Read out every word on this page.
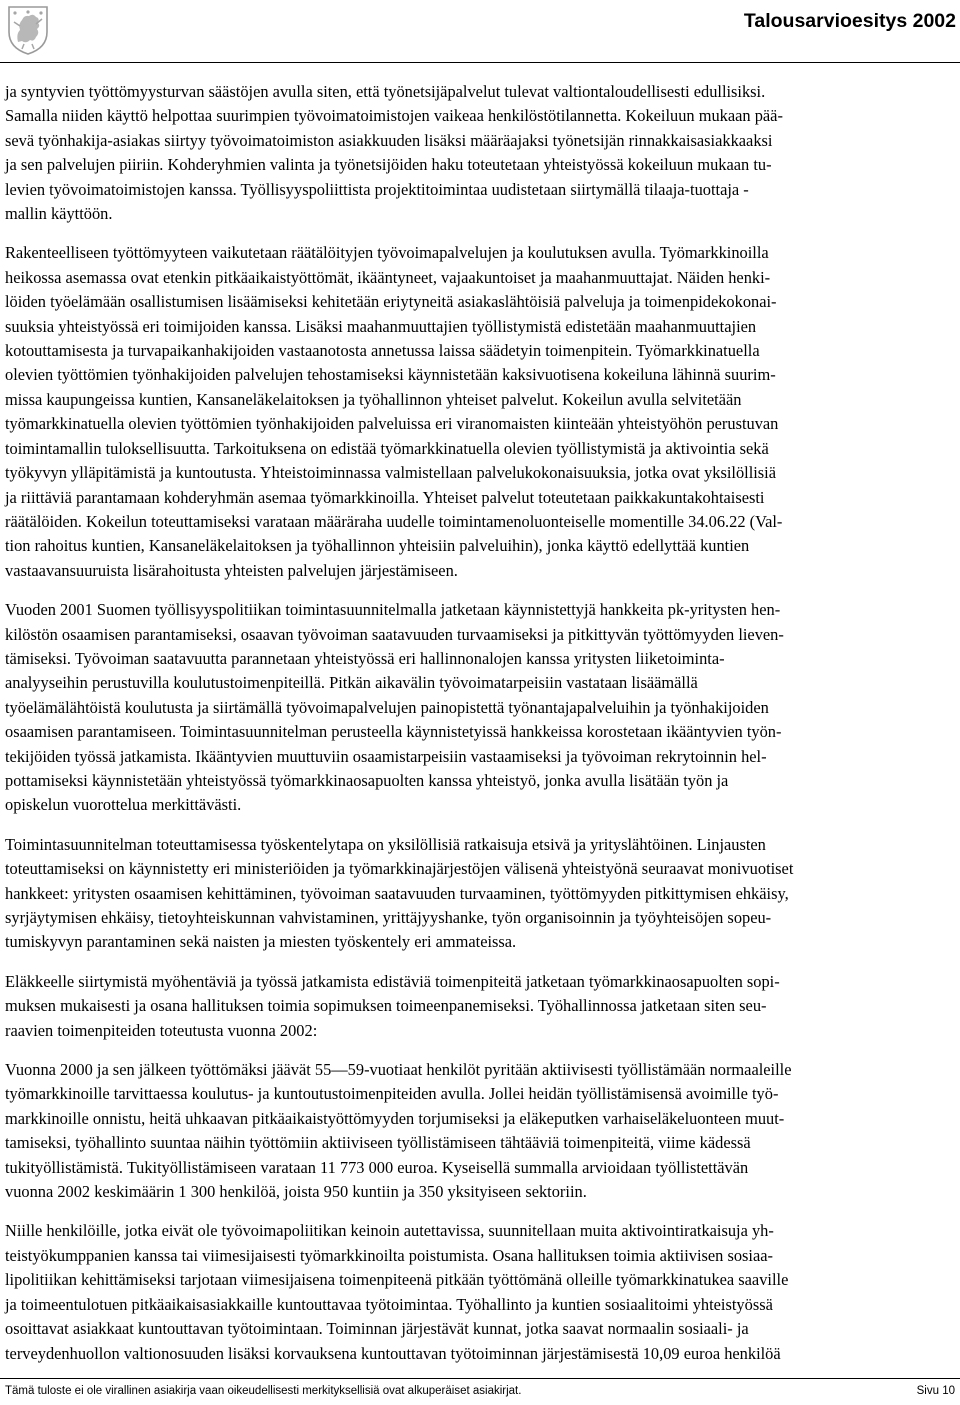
Talousarvioesitys 2002

ja syntyvien työttömyysturvan säästöjen avulla siten, että työnetsijäpalvelut tulevat valtiontaloudellisesti edullisiksi.
Samalla niiden käyttö helpottaa suurimpien työvoimatoimistojen vaikeaa henkilöstötilannetta. Kokeiluun mukaan pää-
sevä työnhakija-asiakas siirtyy työvoimatoimiston asiakkuuden lisäksi määräajaksi työnetsijän rinnakkaisasiakkaaksi
ja sen palvelujen piiriin. Kohderyhmien valinta ja työnetsijöiden haku toteutetaan yhteistyössä kokeiluun mukaan tu-
levien työvoimatoimistojen kanssa. Työllisyyspoliittista projektitoimintaa uudistetaan siirtymällä tilaaja-tuottaja -
mallin käyttöön.

Rakenteelliseen työttömyyteen vaikutetaan räätälöityjen työvoimapalvelujen ja koulutuksen avulla. Työmarkkinoilla
heikossa asemassa ovat etenkin pitkäaikaistyöttömät, ikääntyneet, vajaakuntoiset ja maahanmuuttajat. Näiden henki-
löiden työelämään osallistumisen lisäämiseksi kehitetään eriytyneitä asiakaslähtöisiä palveluja ja toimenpidekokonai-
suuksia yhteistyössä eri toimijoiden kanssa. Lisäksi maahanmuuttajien työllistymistä edistetään maahanmuuttajien
kotouttamisesta ja turvapaikanhakijoiden vastaanotosta annetussa laissa säädetyin toimenpitein. Työmarkkinatuella
olevien työttömien työnhakijoiden palvelujen tehostamiseksi käynnistetään kaksivuotisena kokeiluna lähinnä suurim-
missa kaupungeissa kuntien, Kansaneläkelaitoksen ja työhallinnon yhteiset palvelut. Kokeilun avulla selvitetään
työmarkkinatuella olevien työttömien työnhakijoiden palveluissa eri viranomaisten kiinteään yhteistyöhön perustuvan
toimintamallin tuloksellisuutta. Tarkoituksena on edistää työmarkkinatuella olevien työllistymistä ja aktivointia sekä
työkyvyn ylläpitämistä ja kuntoutusta. Yhteistoiminnassa valmistellaan palvelukokonaisuuksia, jotka ovat yksilöllisiä
ja riittäviä parantamaan kohderyhmän asemaa työmarkkinoilla. Yhteiset palvelut toteutetaan paikkakuntakohtaisesti
räätälöiden. Kokeilun toteuttamiseksi varataan määräraha uudelle toimintamenoluonteiselle momentille 34.06.22 (Val-
tion rahoitus kuntien, Kansaneläkelaitoksen ja työhallinnon yhteisiin palveluihin), jonka käyttö edellyttää kuntien
vastaavansuuruista lisärahoitusta yhteisten palvelujen järjestämiseen.

Vuoden 2001 Suomen työllisyyspolitiikan toimintasuunnitelmalla jatketaan käynnistettyjä hankkeita pk-yritysten hen-
kilöstön osaamisen parantamiseksi, osaavan työvoiman saatavuuden turvaamiseksi ja pitkittyvän työttömyyden lieven-
tämiseksi. Työvoiman saatavuutta parannetaan yhteistyössä eri hallinnonalojen kanssa yritysten liiketoiminta-
analyyseihin perustuvilla koulutustoimenpiteillä. Pitkän aikavälin työvoimatarpeisiin vastataan lisäämällä
työelämälähtöistä koulutusta ja siirtämällä työvoimapalvelujen painopistettä työnantajapalveluihin ja työnhakijoiden
osaamisen parantamiseen. Toimintasuunnitelman perusteella käynnistetyissä hankkeissa korostetaan ikääntyvien työn-
tekijöiden työssä jatkamista. Ikääntyvien muuttuviin osaamistarpeisiin vastaamiseksi ja työvoiman rekrytoinnin hel-
pottamiseksi käynnistetään yhteistyössä työmarkkinaosapuolten kanssa yhteistyö, jonka avulla lisätään työn ja
opiskelun vuorottelua merkittävästi.

Toimintasuunnitelman toteuttamisessa työskentelytapa on yksilöllisiä ratkaisuja etsivä ja yrityslähtöinen. Linjausten
toteuttamiseksi on käynnistetty eri ministeriöiden ja työmarkkinajärjestöjen välisenä yhteistyönä seuraavat monivuotiset
hankkeet: yritysten osaamisen kehittäminen, työvoiman saatavuuden turvaaminen, työttömyyden pitkittymisen ehkäisy,
syrjäytymisen ehkäisy, tietoyhteiskunnan vahvistaminen, yrittäjyyshanke, työn organisoinnin ja työyhteisöjen sopeu-
tumiskyvyn parantaminen sekä naisten ja miesten työskentely eri ammateissa.

Eläkkeelle siirtymistä myöhentäviä ja työssä jatkamista edistäviä toimenpiteitä jatketaan työmarkkinaosapuolten sopi-
muksen mukaisesti ja osana hallituksen toimia sopimuksen toimeenpanemiseksi. Työhallinnossa jatketaan siten seu-
raavien toimenpiteiden toteutusta vuonna 2002:

Vuonna 2000 ja sen jälkeen työttömäksi jäävät 55—59-vuotiaat henkilöt pyritään aktiivisesti työllistämään normaaleille
työmarkkinoille tarvittaessa koulutus- ja kuntoutustoimenpiteiden avulla. Jollei heidän työllistämisensä avoimille työ-
markkinoille onnistu, heitä uhkaavan pitkäaikaistyöttömyyden torjumiseksi ja eläkeputken varhaiseläkeluonteen muut-
tamiseksi, työhallinto suuntaa näihin työttömiin aktiiviseen työllistämiseen tähtääviä toimenpiteitä, viime kädessä
tukityöllistämistä. Tukityöllistämiseen varataan 11 773 000 euroa. Kyseisellä summalla arvioidaan työllistettävän
vuonna 2002 keskimäärin 1 300 henkilöä, joista 950 kuntiin ja 350 yksityiseen sektoriin.

Niille henkilöille, jotka eivät ole työvoimapoliitikan keinoin autettavissa, suunnitellaan muita aktivointiratkaisuja yh-
teistyökumppanien kanssa tai viimesijaisesti työmarkkinoilta poistumista. Osana hallituksen toimia aktiivisen sosiaa-
lipolitiikan kehittämiseksi tarjotaan viimesijaisena toimenpiteenä pitkään työttömänä olleille työmarkkinatukea saaville
ja toimeentulotuen pitkäaikaisasiakkaille kuntouttavaa työtoimintaa. Työhallinto ja kuntien sosiaalitoimi yhteistyössä
osoittavat asiakkaat kuntouttavan työtoimintaan. Toiminnan järjestävät kunnat, jotka saavat normaalin sosiaali- ja
terveydenhuollon valtionosuuden lisäksi korvauksena kuntouttavan työtoiminnan järjestämisestä 10,09 euroa henkilöä

Tämä tuloste ei ole virallinen asiakirja vaan oikeudellisesti merkityksellisiä ovat alkuperäiset asiakirjat.	Sivu 10
